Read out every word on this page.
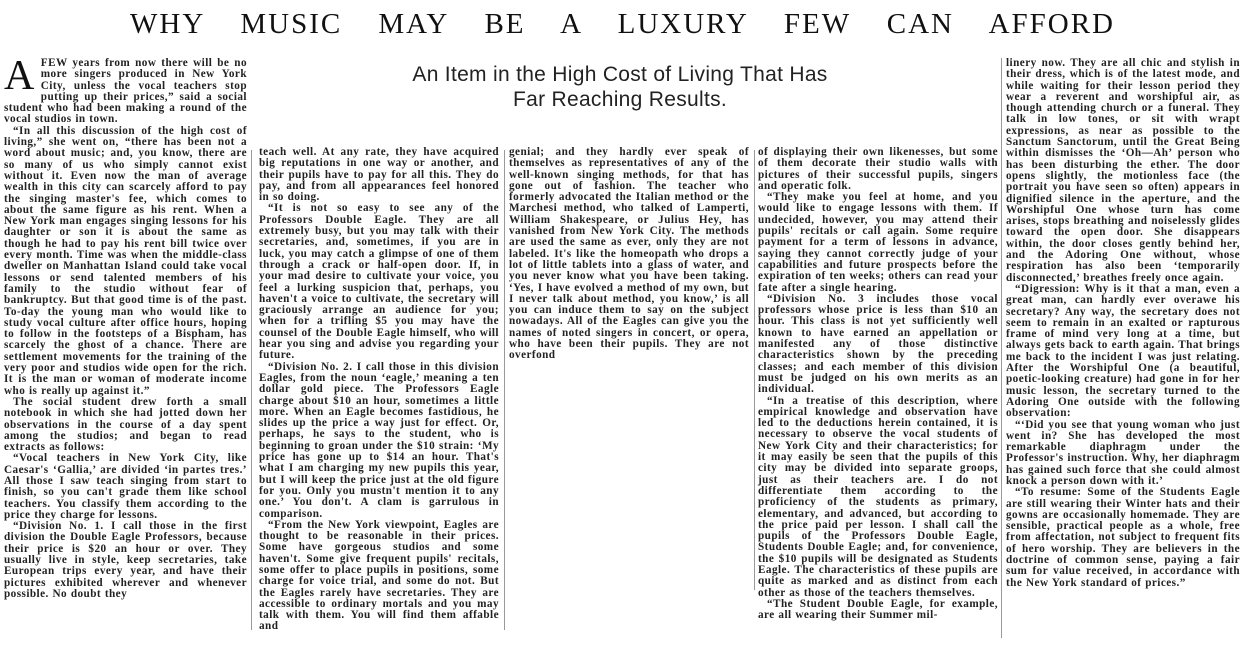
WHY MUSIC MAY BE A LUXURY FEW CAN AFFORD
An Item in the High Cost of Living That Has
Far Reaching Results.

AFEW years from now there will be no more singers produced in New York City, unless the vocal teachers stop putting up their prices,” said a social student who had been making a round of the vocal studios in town.

“In all this discussion of the high cost of living,” she went on, “there has been not a word about music; and, you know, there are so many of us who simply cannot exist without it. Even now the man of average wealth in this city can scarcely afford to pay the singing master's fee, which comes to about the same figure as his rent. When a New York man engages singing lessons for his daughter or son it is about the same as though he had to pay his rent bill twice over every month. Time was when the middle-class dweller on Manhattan Island could take vocal lessons or send talented members of his family to the studio without fear of bankruptcy. But that good time is of the past. To-day the young man who would like to study vocal culture after office hours, hoping to follow in the footsteps of a Bispham, has scarcely the ghost of a chance. There are settlement movements for the training of the very poor and studios wide open for the rich. It is the man or woman of moderate income who is really up against it.”

The social student drew forth a small notebook in which she had jotted down her observations in the course of a day spent among the studios; and began to read extracts as follows:

“Vocal teachers in New York City, like Caesar's ‘Gallia,’ are divided ‘in partes tres.’ All those I saw teach singing from start to finish, so you can't grade them like school teachers. You classify them according to the price they charge for lessons.

“Division No. 1. I call those in the first division the Double Eagle Professors, because their price is $20 an hour or over. They usually live in style, keep secretaries, take European trips every year, and have their pictures exhibited wherever and whenever possible. No doubt they

teach well. At any rate, they have acquired big reputations in one way or another, and their pupils have to pay for all this. They do pay, and from all appearances feel honored in so doing.

“It is not so easy to see any of the Professors Double Eagle. They are all extremely busy, but you may talk with their secretaries, and, sometimes, if you are in luck, you may catch a glimpse of one of them through a crack or half-open door. If, in your mad desire to cultivate your voice, you feel a lurking suspicion that, perhaps, you haven't a voice to cultivate, the secretary will graciously arrange an audience for you; when for a trifling $5 you may have the counsel of the Double Eagle himself, who will hear you sing and advise you regarding your future.

“Division No. 2. I call those in this division Eagles, from the noun ‘eagle,’ meaning a ten dollar gold piece. The Professors Eagle charge about $10 an hour, sometimes a little more. When an Eagle becomes fastidious, he slides up the price a way just for effect. Or, perhaps, he says to the student, who is beginning to groan under the $10 strain: ‘My price has gone up to $14 an hour. That's what I am charging my new pupils this year, but I will keep the price just at the old figure for you. Only you mustn't mention it to any one.’ You don't. A clam is garrulous in comparison.

“From the New York viewpoint, Eagles are thought to be reasonable in their prices. Some have gorgeous studios and some haven't. Some give frequent pupils' recitals, some offer to place pupils in positions, some charge for voice trial, and some do not. But the Eagles rarely have secretaries. They are accessible to ordinary mortals and you may talk with them. You will find them affable and

genial; and they hardly ever speak of themselves as representatives of any of the well-known singing methods, for that has gone out of fashion. The teacher who formerly advocated the Italian method or the Marchesi method, who talked of Lamperti, William Shakespeare, or Julius Hey, has vanished from New York City. The methods are used the same as ever, only they are not labeled. It's like the homeopath who drops a lot of little tablets into a glass of water, and you never know what you have been taking. ‘Yes, I have evolved a method of my own, but I never talk about method, you know,’ is all you can induce them to say on the subject nowadays. All of the Eagles can give you the names of noted singers in concert, or opera, who have been their pupils. They are not overfond

of displaying their own likenesses, but some of them decorate their studio walls with pictures of their successful pupils, singers and operatic folk.

“They make you feel at home, and you would like to engage lessons with them. If undecided, however, you may attend their pupils' recitals or call again. Some require payment for a term of lessons in advance, saying they cannot correctly judge of your capabilities and future prospects before the expiration of ten weeks; others can read your fate after a single hearing.

“Division No. 3 includes those vocal professors whose price is less than $10 an hour. This class is not yet sufficiently well known to have earned an appellation or manifested any of those distinctive characteristics shown by the preceding classes; and each member of this division must be judged on his own merits as an individual.

“In a treatise of this description, where empirical knowledge and observation have led to the deductions herein contained, it is necessary to observe the vocal students of New York City and their characteristics; for it may easily be seen that the pupils of this city may be divided into separate groops, just as their teachers are. I do not differentiate them according to the proficiency of the students as primary, elementary, and advanced, but according to the price paid per lesson. I shall call the pupils of the Professors Double Eagle, Students Double Eagle; and, for convenience, the $10 pupils will be designated as Students Eagle. The characteristics of these pupils are quite as marked and as distinct from each other as those of the teachers themselves.

“The Student Double Eagle, for example, are all wearing their Summer mil-

linery now. They are all chic and stylish in their dress, which is of the latest mode, and while waiting for their lesson period they wear a reverent and worshipful air, as though attending church or a funeral. They talk in low tones, or sit with wrapt expressions, as near as possible to the Sanctum Sanctorum, until the Great Being within dismisses the ‘Oh—Ah’ person who has been disturbing the ether. The door opens slightly, the motionless face (the portrait you have seen so often) appears in dignified silence in the aperture, and the Worshipful One whose turn has come arises, stops breathing and noiselessly glides toward the open door. She disappears within, the door closes gently behind her, and the Adoring One without, whose respiration has also been ‘temporarily disconnected,’ breathes freely once again.

“Digression: Why is it that a man, even a great man, can hardly ever overawe his secretary? Any way, the secretary does not seem to remain in an exalted or rapturous frame of mind very long at a time, but always gets back to earth again. That brings me back to the incident I was just relating. After the Worshipful One (a beautiful, poetic-looking creature) had gone in for her music lesson, the secretary turned to the Adoring One outside with the following observation:

“‘Did you see that young woman who just went in? She has developed the most remarkable diaphragm under the Professor's instruction. Why, her diaphragm has gained such force that she could almost knock a person down with it.’

“To resume: Some of the Students Eagle are still wearing their Winter hats and their gowns are occasionally homemade. They are sensible, practical people as a whole, free from affectation, not subject to frequent fits of hero worship. They are believers in the doctrine of common sense, paying a fair sum for value received, in accordance with the New York standard of prices.”
